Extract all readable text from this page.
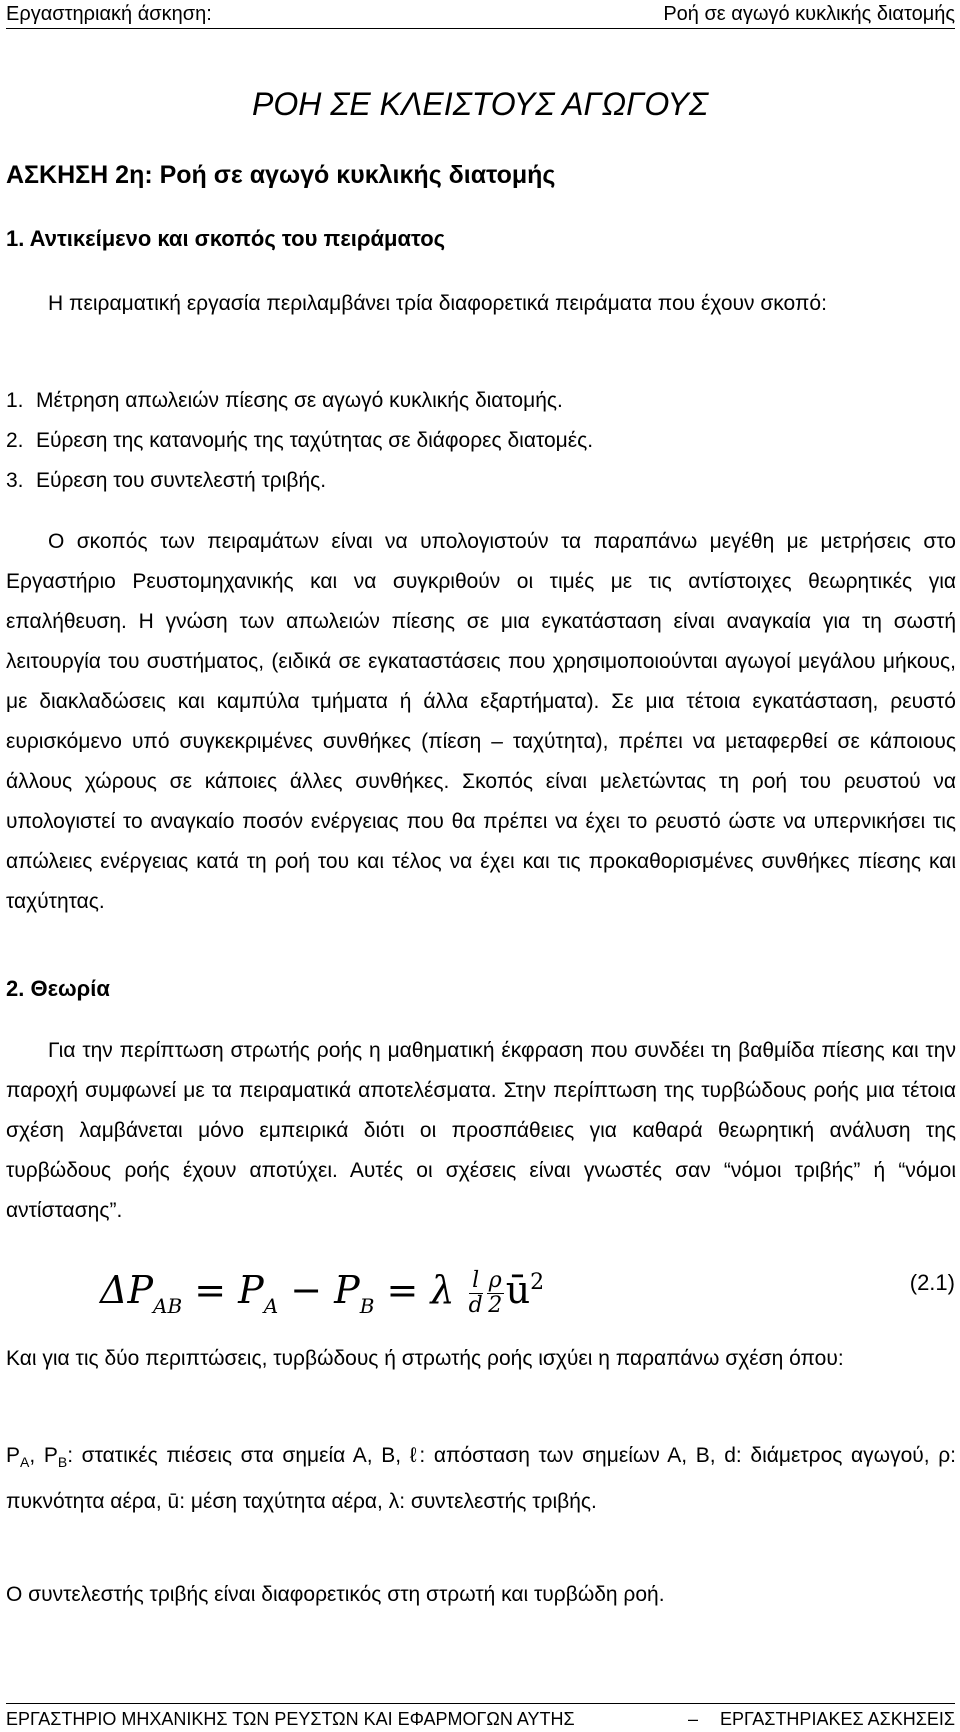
Εργαστηριακή άσκηση:	Ροή σε αγωγό κυκλικής διατομής
ΡΟΗ ΣΕ ΚΛΕΙΣΤΟΥΣ ΑΓΩΓΟΥΣ
ΑΣΚΗΣΗ 2η: Ροή σε αγωγό κυκλικής διατομής
1. Αντικείμενο και σκοπός του πειράματος

Η πειραματική εργασία περιλαμβάνει τρία διαφορετικά πειράματα που έχουν σκοπό:

1. Μέτρηση απωλειών πίεσης σε αγωγό κυκλικής διατομής.
2. Εύρεση της κατανομής της ταχύτητας σε διάφορες διατομές.
3. Εύρεση του συντελεστή τριβής.

Ο σκοπός των πειραμάτων είναι να υπολογιστούν τα παραπάνω μεγέθη με μετρήσεις στο Εργαστήριο Ρευστομηχανικής και να συγκριθούν οι τιμές με τις αντίστοιχες θεωρητικές για επαλήθευση. Η γνώση των απωλειών πίεσης σε μια εγκατάσταση είναι αναγκαία για τη σωστή λειτουργία του συστήματος, (ειδικά σε εγκαταστάσεις που χρησιμοποιούνται αγωγοί μεγάλου μήκους, με διακλαδώσεις και καμπύλα τμήματα ή άλλα εξαρτήματα). Σε μια τέτοια εγκατάσταση, ρευστό ευρισκόμενο υπό συγκεκριμένες συνθήκες (πίεση – ταχύτητα), πρέπει να μεταφερθεί σε κάποιους άλλους χώρους σε κάποιες άλλες συνθήκες. Σκοπός είναι μελετώντας τη ροή του ρευστού να υπολογιστεί το αναγκαίο ποσόν ενέργειας που θα πρέπει να έχει το ρευστό ώστε να υπερνικήσει τις απώλειες ενέργειας κατά τη ροή του και τέλος να έχει και τις προκαθορισμένες συνθήκες πίεσης και ταχύτητας.

2. Θεωρία

Για την περίπτωση στρωτής ροής η μαθηματική έκφραση που συνδέει τη βαθμίδα πίεσης και την παροχή συμφωνεί με τα πειραματικά αποτελέσματα. Στην περίπτωση της τυρβώδους ροής μια τέτοια σχέση λαμβάνεται μόνο εμπειρικά διότι οι προσπάθειες για καθαρά θεωρητική ανάλυση της τυρβώδους ροής έχουν αποτύχει. Αυτές οι σχέσεις είναι γνωστές σαν “νόμοι τριβής” ή “νόμοι αντίστασης”.

$\Delta P_{AB} = P_A - P_B = \lambda \frac{l}{d} \frac{\rho}{2}$ $ū^2$	(2.1)

Και για τις δύο περιπτώσεις, τυρβώδους ή στρωτής ροής ισχύει η παραπάνω σχέση όπου:

$P_A$, $P_B$: στατικές πιέσεις στα σημεία Α, Β, ℓ: απόσταση των σημείων Α, Β, d: διάμετρος αγωγού, ρ: πυκνότητα αέρα, ū: μέση ταχύτητα αέρα, λ: συντελεστής τριβής.

Ο συντελεστής τριβής είναι διαφορετικός στη στρωτή και τυρβώδη ροή.

ΕΡΓΑΣΤΗΡΙΟ ΜΗΧΑΝΙΚΗΣ ΤΩΝ ΡΕΥΣΤΩΝ ΚΑΙ ΕΦΑΡΜΟΓΩΝ ΑΥΤΗΣ	– ΕΡΓΑΣΤΗΡΙΑΚΕΣ ΑΣΚΗΣΕΙΣ
